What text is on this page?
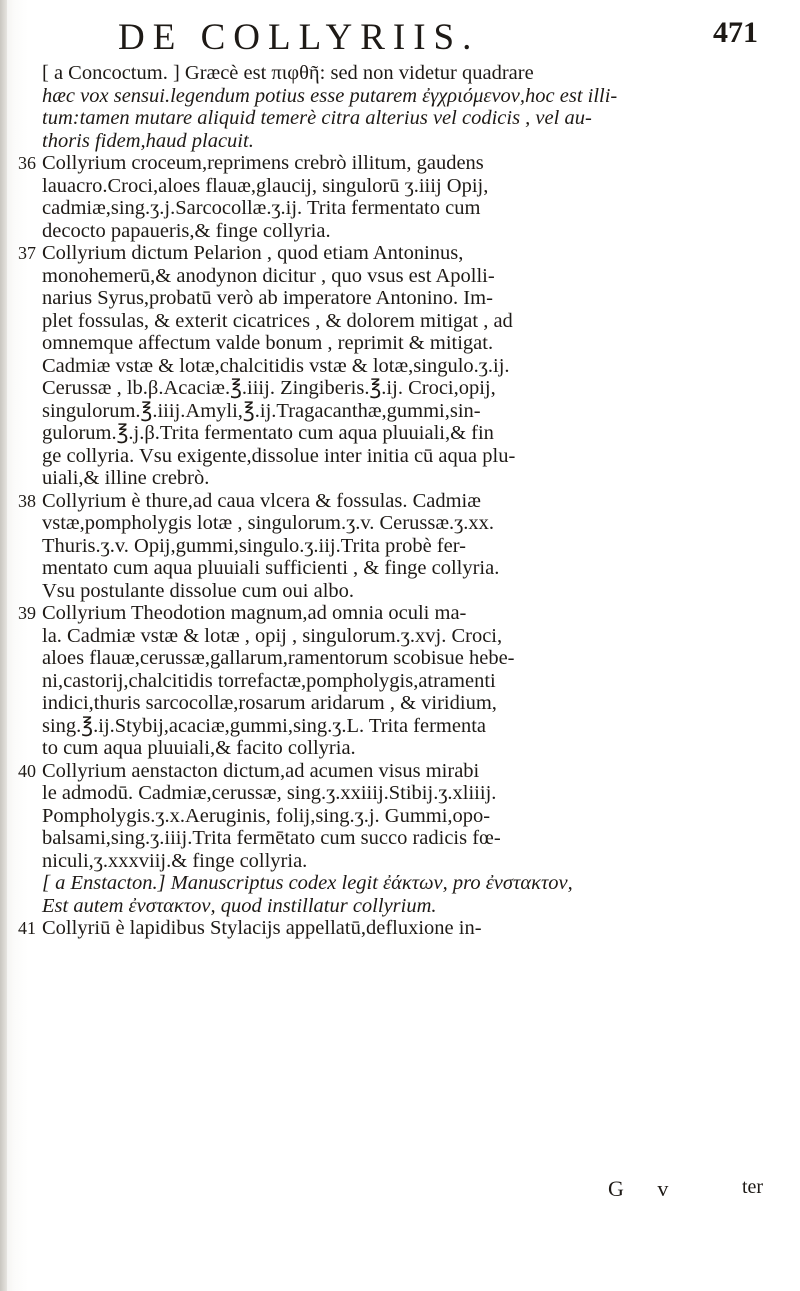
DE COLLYRIIS.	471
[ a Concoctum. ] Græcè est πιφθῆ: sed non videtur quadrare
hæc vox sensui.legendum potius esse putarem ἐγχριόμενον,hoc est illi-
tum:tamen mutare aliquid temerè citra alterius vel codicis , vel au-
thoris fidem,haud placuit.
36 Collyrium croceum,reprimens crebrò illitum, gaudens
lauacro.Croci,aloes flauæ,glaucij, singulorū ʒ.iiij Opij,
cadmiæ,sing.ʒ.j.Sarcocollæ.ʒ.ij. Trita fermentato cum
decocto papaueris,& finge collyria.
37 Collyrium dictum Pelarion , quod etiam Antoninus,
monohemerū,& anodynon dicitur , quo vsus est Apolli-
narius Syrus,probatū verò ab imperatore Antonino. Im-
plet fossulas, & exterit cicatrices , & dolorem mitigat , ad
omnemque affectum valde bonum , reprimit & mitigat.
Cadmiæ vstæ & lotæ,chalcitidis vstæ & lotæ,singulo.ʒ.ij.
Cerussæ , lb.β.Acaciæ.℥.iiij. Zingiberis.℥.ij. Croci,opij,
singulorum.℥.iiij.Amyli,℥.ij.Tragacanthæ,gummi,sin-
gulorum.℥.j.β.Trita fermentato cum aqua pluuiali,& fin
ge collyria. Vsu exigente,dissolue inter initia cū aqua plu-
uiali,& illine crebrò.
38 Collyrium è thure,ad caua vlcera & fossulas. Cadmiæ
vstæ,pompholygis lotæ , singulorum.ʒ.v. Cerussæ.ʒ.xx.
Thuris.ʒ.v. Opij,gummi,singulo.ʒ.iij.Trita probè fer-
mentato cum aqua pluuiali sufficienti , & finge collyria.
Vsu postulante dissolue cum oui albo.
39 Collyrium Theodotion magnum,ad omnia oculi ma-
la. Cadmiæ vstæ & lotæ , opij , singulorum.ʒ.xvj. Croci,
aloes flauæ,cerussæ,gallarum,ramentorum scobisue hebe-
ni,castorij,chalcitidis torrefactæ,pompholygis,atramenti
indici,thuris sarcocollæ,rosarum aridarum , & viridium,
sing.℥.ij.Stybij,acaciæ,gummi,sing.ʒ.L. Trita fermenta
to cum aqua pluuiali,& facito collyria.
40 Collyrium aenstacton dictum,ad acumen visus mirabi
le admodū. Cadmiæ,cerussæ, sing.ʒ.xxiiij.Stibij.ʒ.xliiij.
Pompholygis.ʒ.x.Aeruginis, folij,sing.ʒ.j. Gummi,opo-
balsami,sing.ʒ.iiij.Trita fermētato cum succo radicis fœ-
niculi,ʒ.xxxviij.& finge collyria.
[ a Enstacton.] Manuscriptus codex legit ἐάκτων, pro ἐνστακτον,
Est autem ἐνστακτον, quod instillatur collyrium.
41 Collyriū è lapidibus Stylacijs appellatū,defluxione in-
G v	ter
